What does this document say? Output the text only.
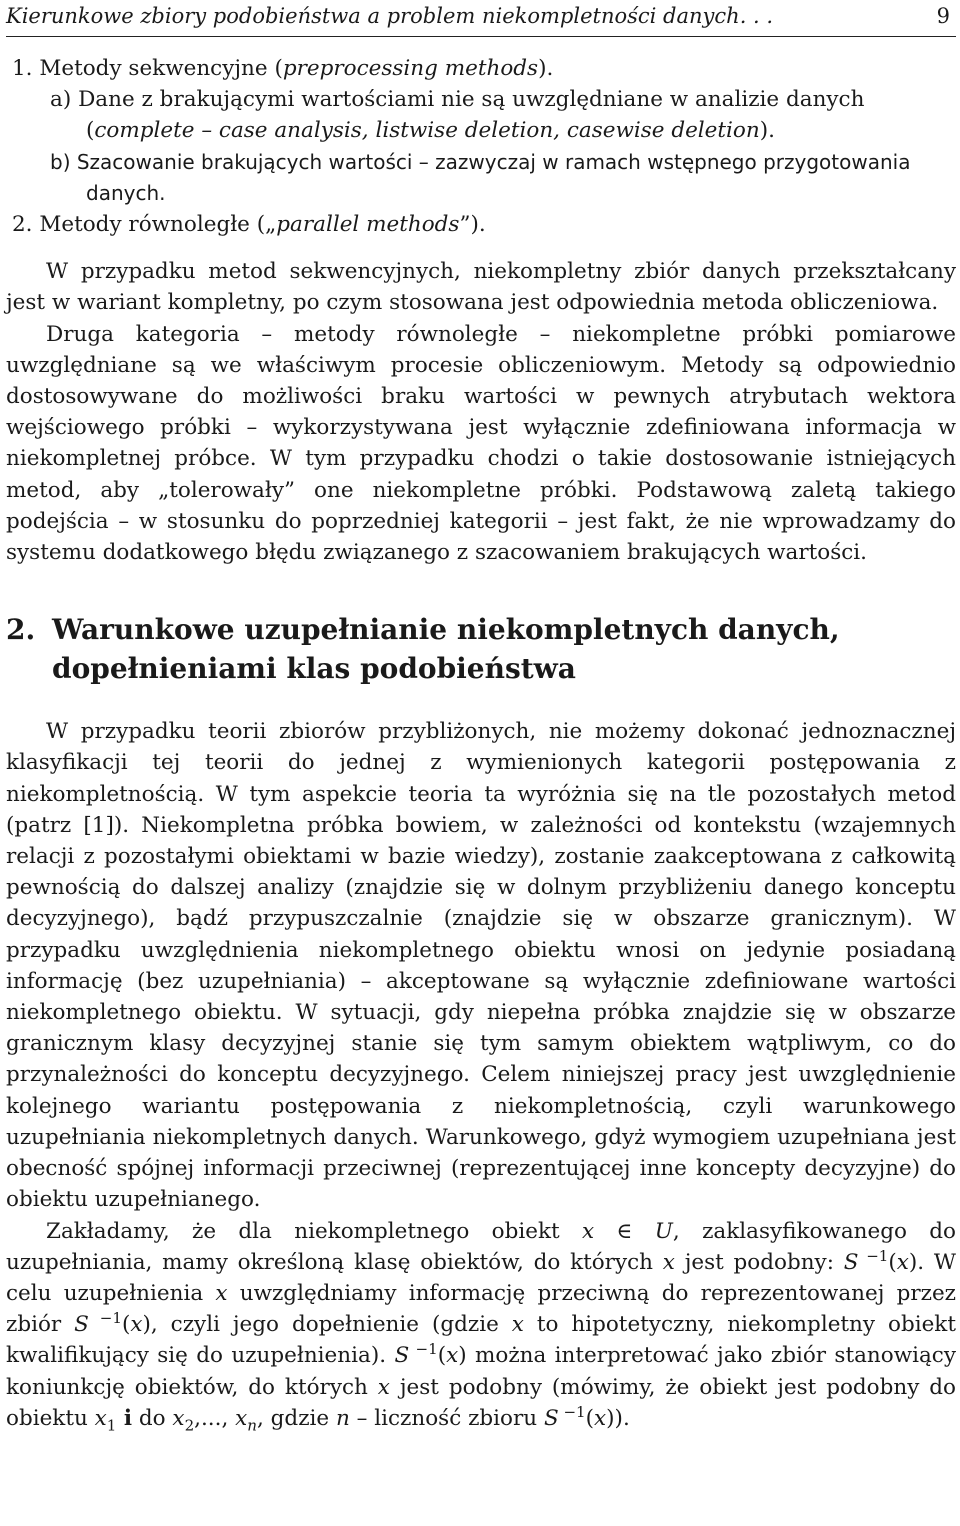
Kierunkowe zbiory podobieństwa a problem niekompletności danych. . .	9
1. Metody sekwencyjne (preprocessing methods).
a) Dane z brakującymi wartościami nie są uwzględniane w analizie danych (complete – case analysis, listwise deletion, casewise deletion).
b) Szacowanie brakujących wartości – zazwyczaj w ramach wstępnego przygotowania danych.
2. Metody równoległe („parallel methods”).

W przypadku metod sekwencyjnych, niekompletny zbiór danych przekształcany jest w wariant kompletny, po czym stosowana jest odpowiednia metoda obliczeniowa.

Druga kategoria – metody równoległe – niekompletne próbki pomiarowe uwzględniane są we właściwym procesie obliczeniowym. Metody są odpowiednio dostosowywane do możliwości braku wartości w pewnych atrybutach wektora wejściowego próbki – wykorzystywana jest wyłącznie zdefiniowana informacja w niekompletnej próbce. W tym przypadku chodzi o takie dostosowanie istniejących metod, aby „tolerowały” one niekompletne próbki. Podstawową zaletą takiego podejścia – w stosunku do poprzedniej kategorii – jest fakt, że nie wprowadzamy do systemu dodatkowego błędu związanego z szacowaniem brakujących wartości.

2. Warunkowe uzupełnianie niekompletnych danych,
dopełnieniami klas podobieństwa

W przypadku teorii zbiorów przybliżonych, nie możemy dokonać jednoznacznej klasyfikacji tej teorii do jednej z wymienionych kategorii postępowania z niekompletnością. W tym aspekcie teoria ta wyróżnia się na tle pozostałych metod (patrz [1]). Niekompletna próbka bowiem, w zależności od kontekstu (wzajemnych relacji z pozostałymi obiektami w bazie wiedzy), zostanie zaakceptowana z całkowitą pewnością do dalszej analizy (znajdzie się w dolnym przybliżeniu danego konceptu decyzyjnego), bądź przypuszczalnie (znajdzie się w obszarze granicznym). W przypadku uwzględnienia niekompletnego obiektu wnosi on jedynie posiadaną informację (bez uzupełniania) – akceptowane są wyłącznie zdefiniowane wartości niekompletnego obiektu. W sytuacji, gdy niepełna próbka znajdzie się w obszarze granicznym klasy decyzyjnej stanie się tym samym obiektem wątpliwym, co do przynależności do konceptu decyzyjnego. Celem niniejszej pracy jest uwzględnienie kolejnego wariantu postępowania z niekompletnością, czyli warunkowego uzupełniania niekompletnych danych. Warunkowego, gdyż wymogiem uzupełniana jest obecność spójnej informacji przeciwnej (reprezentującej inne koncepty decyzyjne) do obiektu uzupełnianego.

Zakładamy, że dla niekompletnego obiekt x ∈ U, zaklasyfikowanego do uzupełniania, mamy określoną klasę obiektów, do których x jest podobny: S $^{-1}$(x). W celu uzupełnienia x uwzględniamy informację przeciwną do reprezentowanej przez zbiór S $^{-1}$(x), czyli jego dopełnienie (gdzie x to hipotetyczny, niekompletny obiekt kwalifikujący się do uzupełnienia). S $^{-1}$(x) można interpretować jako zbiór stanowiący koniunkcję obiektów, do których x jest podobny (mówimy, że obiekt jest podobny do obiektu $x_1$ i do $x_2$,..., $x_n$, gdzie n – liczność zbioru S $^{-1}$(x)).
